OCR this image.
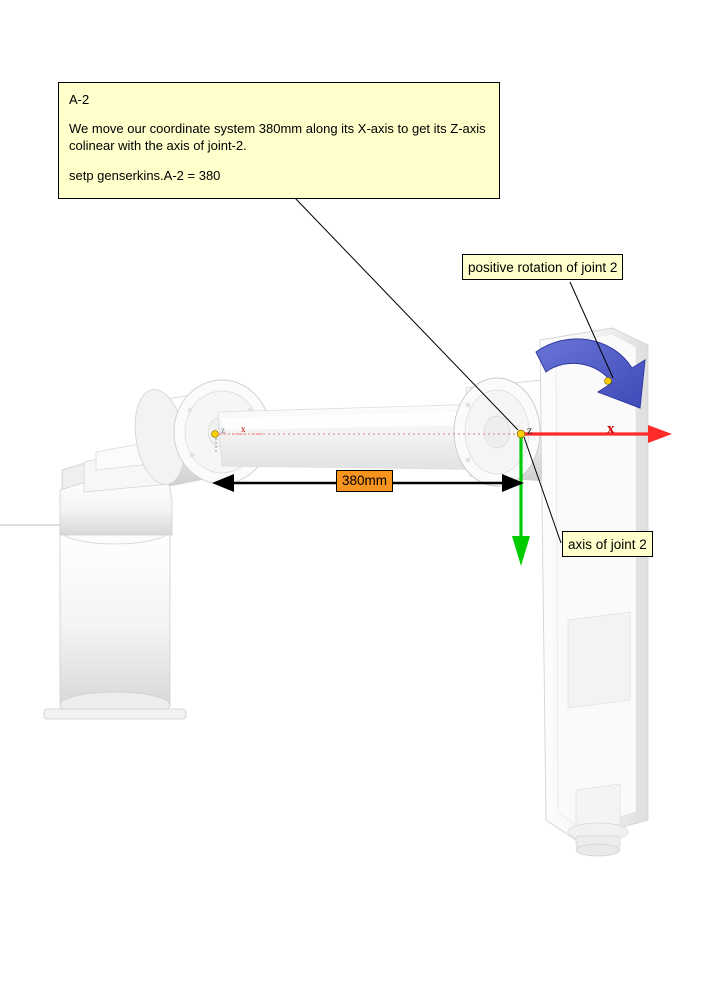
A-2
We move our coordinate system 380mm along its X-axis to get its Z-axis colinear with the axis of joint-2.
setp genserkins.A-2 = 380
positive rotation of joint 2
axis of joint 2
380mm
z x	z	x
